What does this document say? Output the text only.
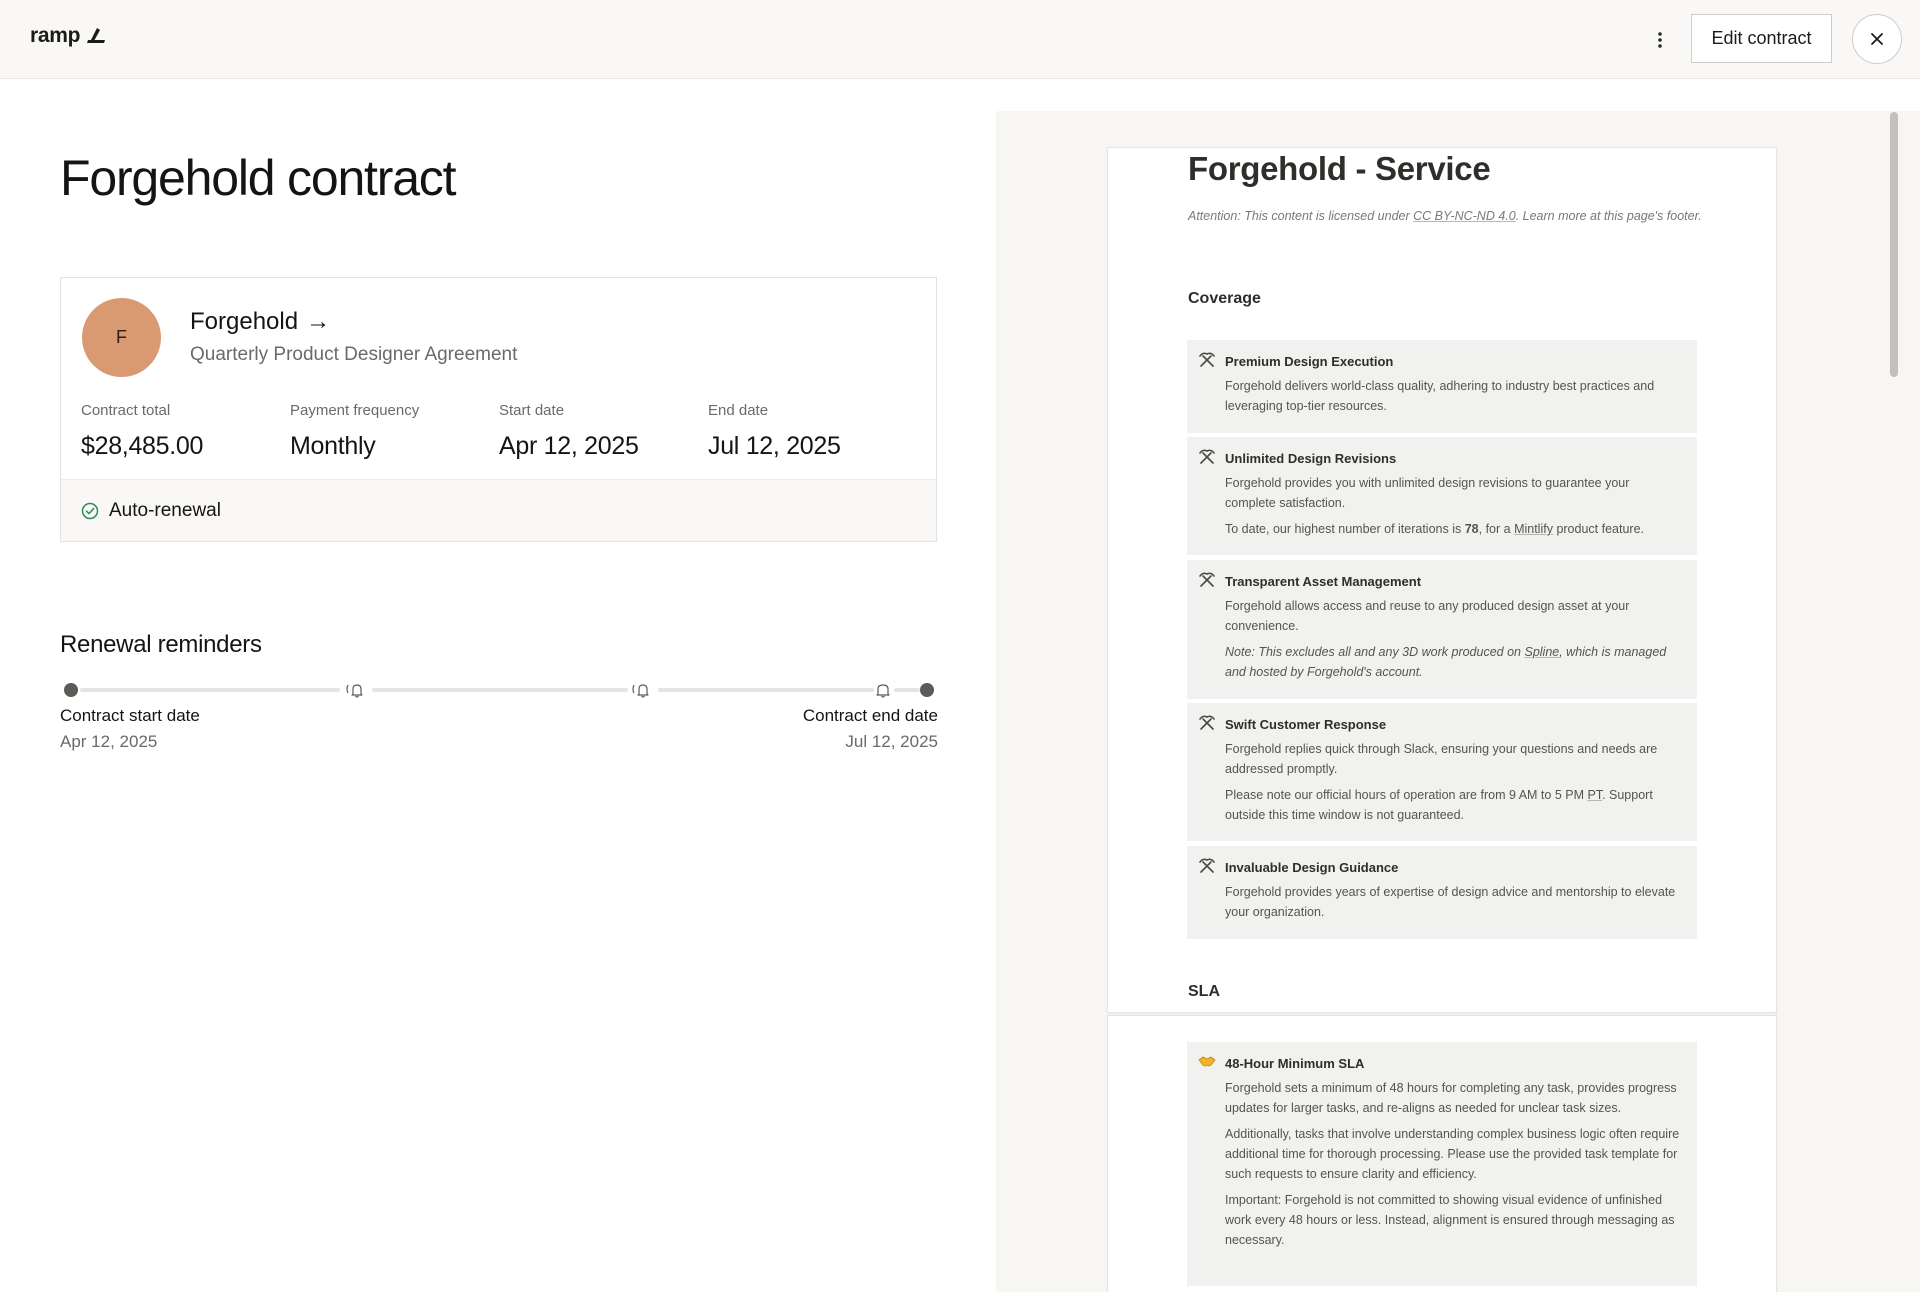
ramp	Edit contract
Forgehold contract
F
Forgehold →
Quarterly Product Designer Agreement
Contract total
$28,485.00
Payment frequency
Monthly
Start date
Apr 12, 2025
End date
Jul 12, 2025
Auto-renewal
Renewal reminders
Contract start date
Apr 12, 2025
Contract end date
Jul 12, 2025
Forgehold - Service
Attention: This content is licensed under CC BY-NC-ND 4.0. Learn more at this page's footer.
Coverage
Premium Design Execution
Forgehold delivers world-class quality, adhering to industry best practices and leveraging top-tier resources.
Unlimited Design Revisions
Forgehold provides you with unlimited design revisions to guarantee your complete satisfaction.
To date, our highest number of iterations is 78, for a Mintlify product feature.
Transparent Asset Management
Forgehold allows access and reuse to any produced design asset at your convenience.
Note: This excludes all and any 3D work produced on Spline, which is managed and hosted by Forgehold's account.
Swift Customer Response
Forgehold replies quick through Slack, ensuring your questions and needs are addressed promptly.
Please note our official hours of operation are from 9 AM to 5 PM PT. Support outside this time window is not guaranteed.
Invaluable Design Guidance
Forgehold provides years of expertise of design advice and mentorship to elevate your organization.
SLA
48-Hour Minimum SLA
Forgehold sets a minimum of 48 hours for completing any task, provides progress updates for larger tasks, and re-aligns as needed for unclear task sizes.
Additionally, tasks that involve understanding complex business logic often require additional time for thorough processing. Please use the provided task template for such requests to ensure clarity and efficiency.
Important: Forgehold is not committed to showing visual evidence of unfinished work every 48 hours or less. Instead, alignment is ensured through messaging as necessary.
